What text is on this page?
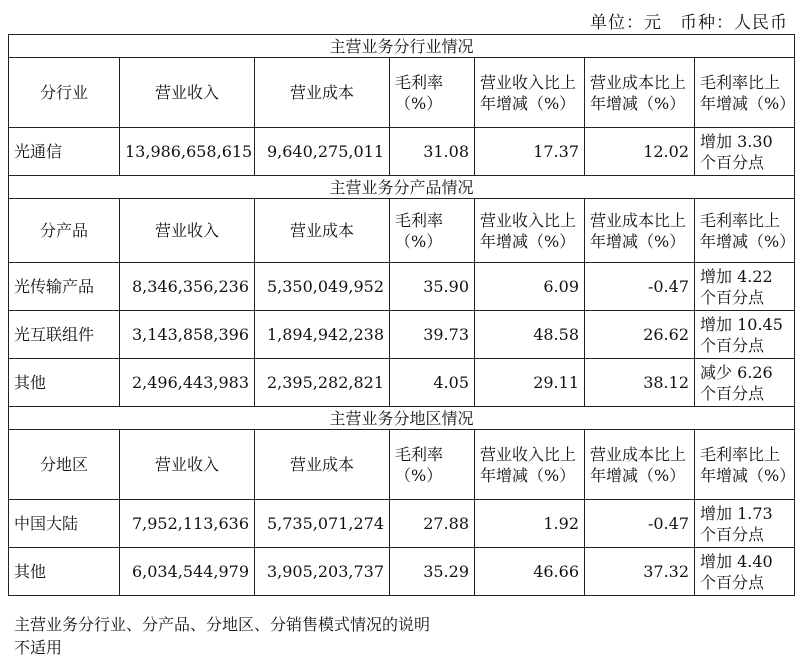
单位：元　币种：人民币
主营业务分行业情况						
分行业	营业收入	营业成本	毛利率（%）	营业收入比上年增减（%）	营业成本比上年增减（%）	毛利率比上年增减（%）
光通信	13,986,658,615	9,640,275,011	31.08	17.37	12.02	增加 3.30 个百分点
主营业务分产品情况						
分产品	营业收入	营业成本	毛利率（%）	营业收入比上年增减（%）	营业成本比上年增减（%）	毛利率比上年增减（%）
光传输产品	8,346,356,236	5,350,049,952	35.90	6.09	-0.47	增加 4.22 个百分点
光互联组件	3,143,858,396	1,894,942,238	39.73	48.58	26.62	增加 10.45 个百分点
其他	2,496,443,983	2,395,282,821	4.05	29.11	38.12	减少 6.26 个百分点
主营业务分地区情况						
分地区	营业收入	营业成本	毛利率（%）	营业收入比上年增减（%）	营业成本比上年增减（%）	毛利率比上年增减（%）
中国大陆	7,952,113,636	5,735,071,274	27.88	1.92	-0.47	增加 1.73 个百分点
其他	6,034,544,979	3,905,203,737	35.29	46.66	37.32	增加 4.40 个百分点
主营业务分行业、分产品、分地区、分销售模式情况的说明
不适用
